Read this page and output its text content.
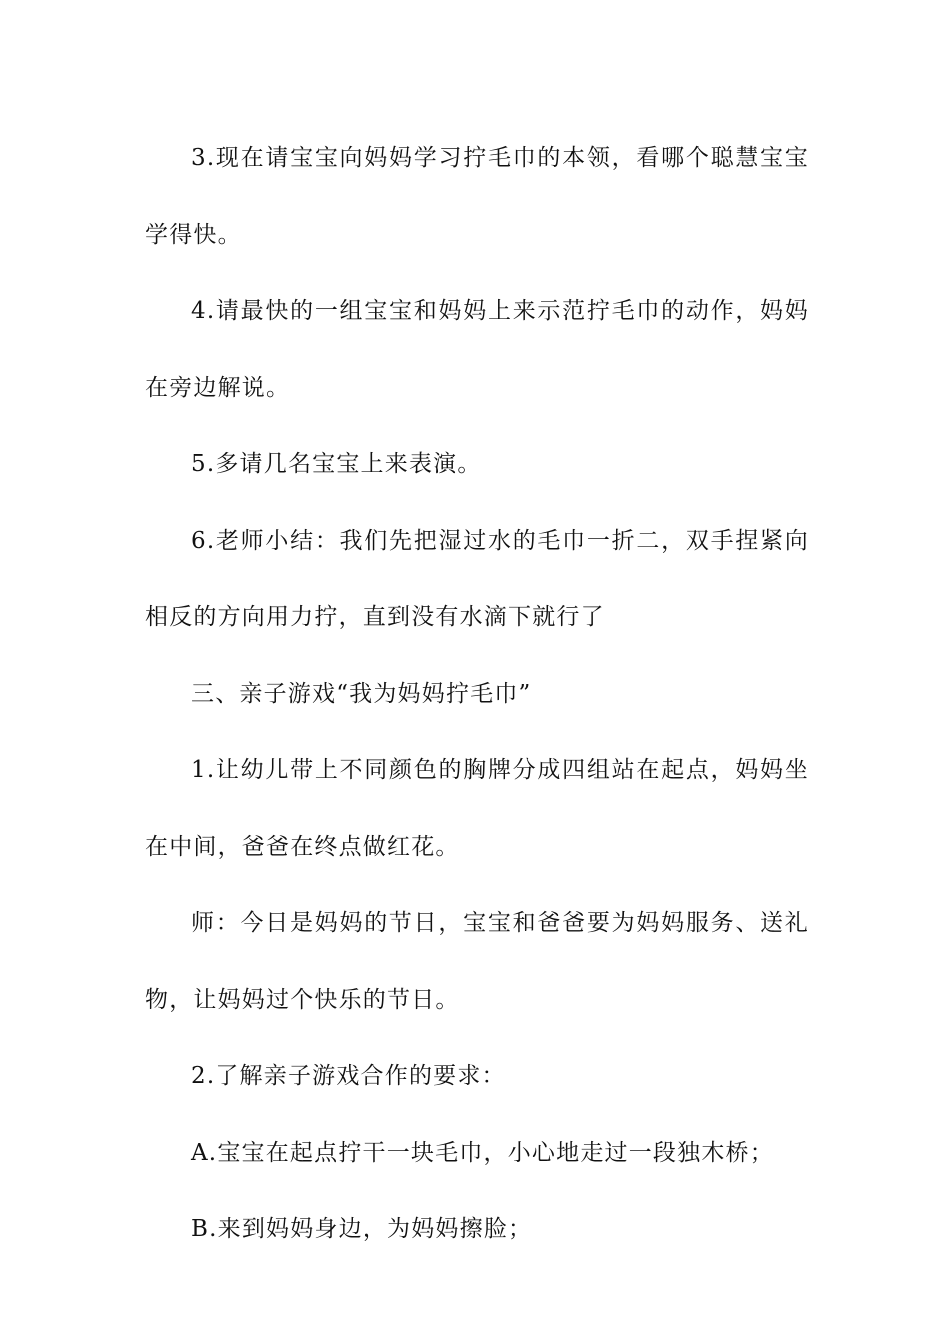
3.现在请宝宝向妈妈学习拧毛巾的本领，看哪个聪慧宝宝学得快。

4.请最快的一组宝宝和妈妈上来示范拧毛巾的动作，妈妈在旁边解说。

5.多请几名宝宝上来表演。

6.老师小结：我们先把湿过水的毛巾一折二，双手捏紧向相反的方向用力拧，直到没有水滴下就行了

三、亲子游戏“我为妈妈拧毛巾”

1.让幼儿带上不同颜色的胸牌分成四组站在起点，妈妈坐在中间，爸爸在终点做红花。

师：今日是妈妈的节日，宝宝和爸爸要为妈妈服务、送礼物，让妈妈过个快乐的节日。

2.了解亲子游戏合作的要求：

A.宝宝在起点拧干一块毛巾，小心地走过一段独木桥；

B.来到妈妈身边，为妈妈擦脸；
